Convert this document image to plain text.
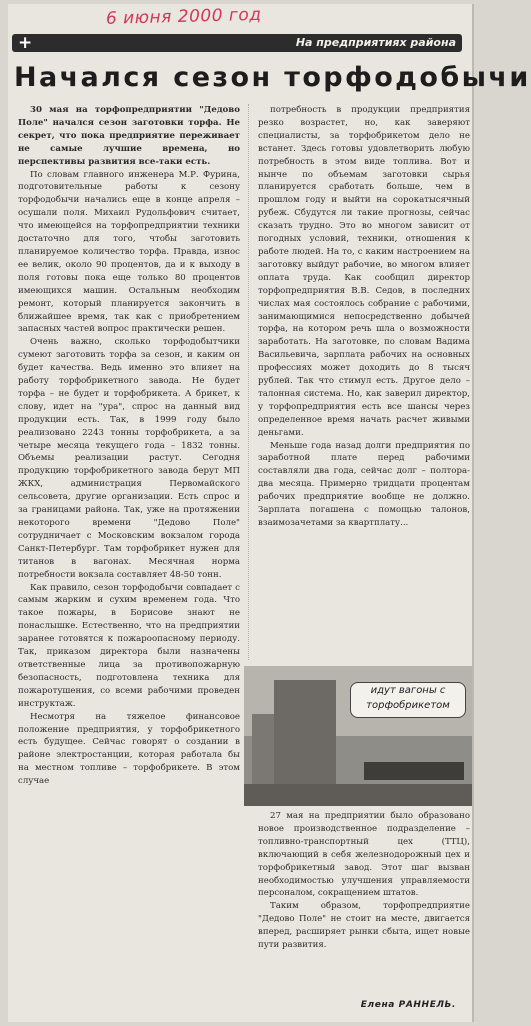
6 июня 2000 год
+	На предприятиях района
Начался сезон торфодобычи

30 мая на торфопредприятии "Дедово Поле" начался сезон заготовки торфа. Не секрет, что пока предприятие переживает не самые лучшие времена, но перспективы развития все-таки есть.

По словам главного инженера М.Р. Фурина, подготовительные работы к сезону торфодобычи начались еще в конце апреля – осушали поля. Михаил Рудольфович считает, что имеющейся на торфопредприятии техники достаточно для того, чтобы заготовить планируемое количество торфа. Правда, износ ее велик, около 90 процентов, да и к выходу в поля готовы пока еще только 80 процентов имеющихся машин. Остальным необходим ремонт, который планируется закончить в ближайшее время, так как с приобретением запасных частей вопрос практически решен.

Очень важно, сколько торфодобытчики сумеют заготовить торфа за сезон, и каким он будет качества. Ведь именно это влияет на работу торфобрикетного завода. Не будет торфа – не будет и торфобрикета. А брикет, к слову, идет на "ура", спрос на данный вид продукции есть. Так, в 1999 году было реализовано 2243 тонны торфобрикета, а за четыре месяца текущего года – 1832 тонны. Объемы реализации растут. Сегодня продукцию торфобрикетного завода берут МП ЖКХ, администрация Первомайского сельсовета, другие организации. Есть спрос и за границами района. Так, уже на протяжении некоторого времени "Дедово Поле" сотрудничает с Московским вокзалом города Санкт-Петербург. Там торфобрикет нужен для титанов в вагонах. Месячная норма потребности вокзала составляет 48-50 тонн.

Как правило, сезон торфодобычи совпадает с самым жарким и сухим временем года. Что такое пожары, в Борисове знают не понаслышке. Естественно, что на предприятии заранее готовятся к пожароопасному периоду. Так, приказом директора были назначены ответственные лица за противопожарную безопасность, подготовлена техника для пожаротушения, со всеми рабочими проведен инструктаж.

Несмотря на тяжелое финансовое положение предприятия, у торфобрикетного есть будущее. Сейчас говорят о создании в районе электростанции, которая работала бы на местном топливе – торфобрикете. В этом случае

потребность в продукции предприятия резко возрастет, но, как заверяют специалисты, за торфобрикетом дело не встанет. Здесь готовы удовлетворить любую потребность в этом виде топлива. Вот и нынче по объемам заготовки сырья планируется сработать больше, чем в прошлом году и выйти на сорокатысячный рубеж. Сбудутся ли такие прогнозы, сейчас сказать трудно. Это во многом зависит от погодных условий, техники, отношения к работе людей. На то, с каким настроением на заготовку выйдут рабочие, во многом влияет оплата труда. Как сообщил директор торфопредприятия В.В. Седов, в последних числах мая состоялось собрание с рабочими, занимающимися непосредственно добычей торфа, на котором речь шла о возможности заработать. На заготовке, по словам Вадима Васильевича, зарплата рабочих на основных профессиях может доходить до 8 тысяч рублей. Так что стимул есть. Другое дело – талонная система. Но, как заверил директор, у торфопредприятия есть все шансы через определенное время начать расчет живыми деньгами.

Меньше года назад долги предприятия по заработной плате перед рабочими составляли два года, сейчас долг – полтора-два месяца. Примерно тридцати процентам рабочих предприятие вообще не должно. Зарплата погашена с помощью талонов, взаимозачетами за квартплату...

идут вагоны с торфобрикетом

27 мая на предприятии было образовано новое производственное подразделение – топливно-транспортный цех (ТТЦ), включающий в себя железнодорожный цех и торфобрикетный завод. Этот шаг вызван необходимостью улучшения управляемости персоналом, сокращением штатов.

Таким образом, торфопредприятие "Дедово Поле" не стоит на месте, двигается вперед, расширяет рынки сбыта, ищет новые пути развития.

Елена РАННЕЛЬ.
